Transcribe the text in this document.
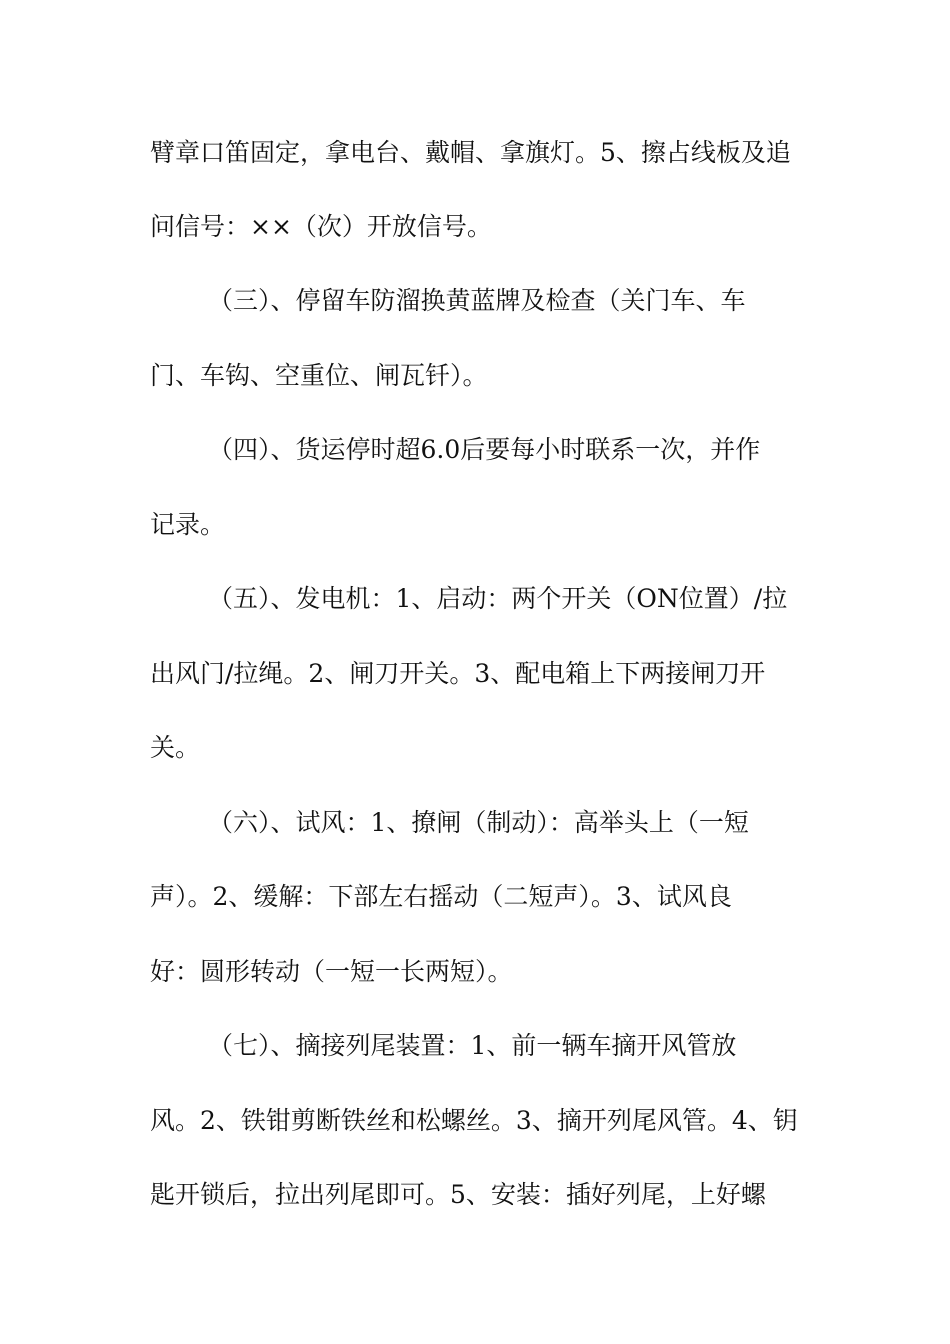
臂章口笛固定，拿电台、戴帽、拿旗灯。5、擦占线板及追

问信号：××（次）开放信号。

（三）、停留车防溜换黄蓝牌及检查（关门车、车

门、车钩、空重位、闸瓦钎）。

（四）、货运停时超6.0后要每小时联系一次，并作

记录。

（五）、发电机：1、启动：两个开关（ON位置）/拉

出风门/拉绳。2、闸刀开关。3、配电箱上下两接闸刀开

关。

（六）、试风：1、撩闸（制动）：高举头上（一短

声）。2、缓解：下部左右摇动（二短声）。3、试风良

好：圆形转动（一短一长两短）。

（七）、摘接列尾装置：1、前一辆车摘开风管放

风。2、铁钳剪断铁丝和松螺丝。3、摘开列尾风管。4、钥

匙开锁后，拉出列尾即可。5、安装：插好列尾，上好螺
